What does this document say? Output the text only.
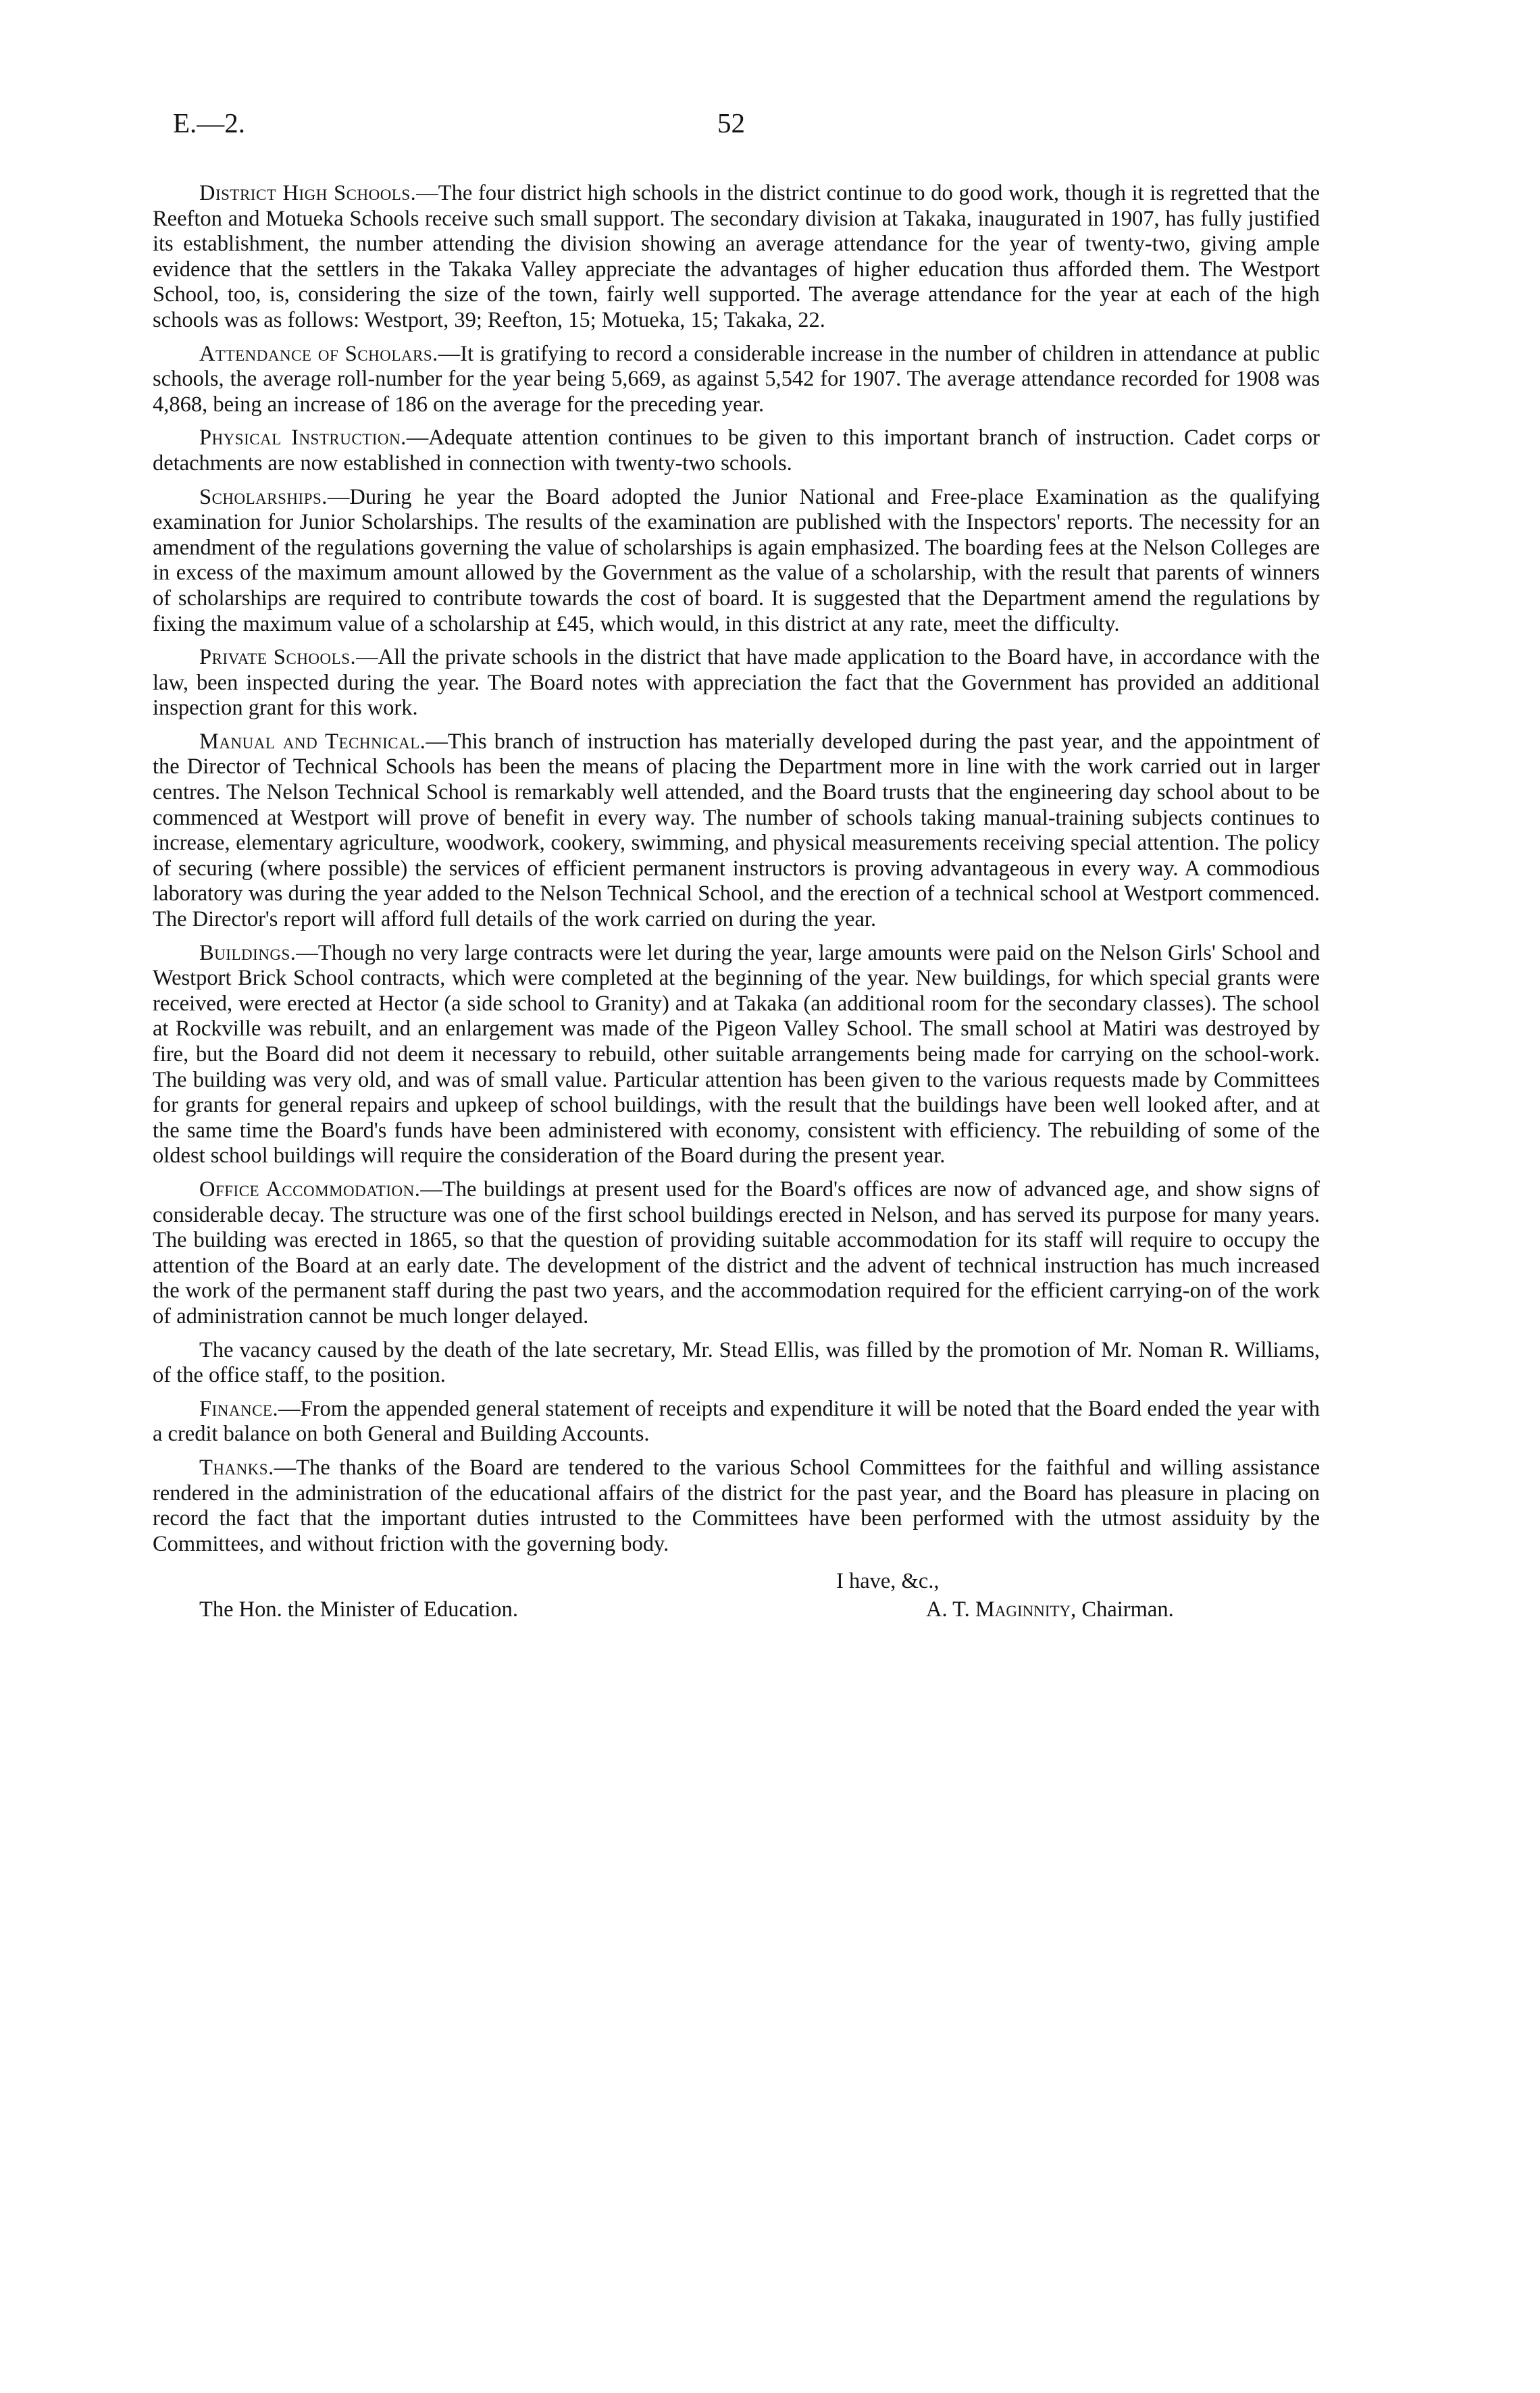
E.—2.	52

District High Schools.—The four district high schools in the district continue to do good work, though it is regretted that the Reefton and Motueka Schools receive such small support. The secondary division at Takaka, inaugurated in 1907, has fully justified its establishment, the number attending the division showing an average attendance for the year of twenty-two, giving ample evidence that the settlers in the Takaka Valley appreciate the advantages of higher education thus afforded them. The Westport School, too, is, considering the size of the town, fairly well supported. The average attendance for the year at each of the high schools was as follows: Westport, 39; Reefton, 15; Motueka, 15; Takaka, 22.

Attendance of Scholars.—It is gratifying to record a considerable increase in the number of children in attendance at public schools, the average roll-number for the year being 5,669, as against 5,542 for 1907. The average attendance recorded for 1908 was 4,868, being an increase of 186 on the average for the preceding year.

Physical Instruction.—Adequate attention continues to be given to this important branch of instruction. Cadet corps or detachments are now established in connection with twenty-two schools.

Scholarships.—During he year the Board adopted the Junior National and Free-place Examination as the qualifying examination for Junior Scholarships. The results of the examination are published with the Inspectors' reports. The necessity for an amendment of the regulations governing the value of scholarships is again emphasized. The boarding fees at the Nelson Colleges are in excess of the maximum amount allowed by the Government as the value of a scholarship, with the result that parents of winners of scholarships are required to contribute towards the cost of board. It is suggested that the Department amend the regulations by fixing the maximum value of a scholarship at £45, which would, in this district at any rate, meet the difficulty.

Private Schools.—All the private schools in the district that have made application to the Board have, in accordance with the law, been inspected during the year. The Board notes with appreciation the fact that the Government has provided an additional inspection grant for this work.

Manual and Technical.—This branch of instruction has materially developed during the past year, and the appointment of the Director of Technical Schools has been the means of placing the Department more in line with the work carried out in larger centres. The Nelson Technical School is remarkably well attended, and the Board trusts that the engineering day school about to be commenced at Westport will prove of benefit in every way. The number of schools taking manual-training subjects continues to increase, elementary agriculture, woodwork, cookery, swimming, and physical measurements receiving special attention. The policy of securing (where possible) the services of efficient permanent instructors is proving advantageous in every way. A commodious laboratory was during the year added to the Nelson Technical School, and the erection of a technical school at Westport commenced. The Director's report will afford full details of the work carried on during the year.

Buildings.—Though no very large contracts were let during the year, large amounts were paid on the Nelson Girls' School and Westport Brick School contracts, which were completed at the beginning of the year. New buildings, for which special grants were received, were erected at Hector (a side school to Granity) and at Takaka (an additional room for the secondary classes). The school at Rockville was rebuilt, and an enlargement was made of the Pigeon Valley School. The small school at Matiri was destroyed by fire, but the Board did not deem it necessary to rebuild, other suitable arrangements being made for carrying on the school-work. The building was very old, and was of small value. Particular attention has been given to the various requests made by Committees for grants for general repairs and upkeep of school buildings, with the result that the buildings have been well looked after, and at the same time the Board's funds have been administered with economy, consistent with efficiency. The rebuilding of some of the oldest school buildings will require the consideration of the Board during the present year.

Office Accommodation.—The buildings at present used for the Board's offices are now of advanced age, and show signs of considerable decay. The structure was one of the first school buildings erected in Nelson, and has served its purpose for many years. The building was erected in 1865, so that the question of providing suitable accommodation for its staff will require to occupy the attention of the Board at an early date. The development of the district and the advent of technical instruction has much increased the work of the permanent staff during the past two years, and the accommodation required for the efficient carrying-on of the work of administration cannot be much longer delayed.

The vacancy caused by the death of the late secretary, Mr. Stead Ellis, was filled by the promotion of Mr. Noman R. Williams, of the office staff, to the position.

Finance.—From the appended general statement of receipts and expenditure it will be noted that the Board ended the year with a credit balance on both General and Building Accounts.

Thanks.—The thanks of the Board are tendered to the various School Committees for the faithful and willing assistance rendered in the administration of the educational affairs of the district for the past year, and the Board has pleasure in placing on record the fact that the important duties intrusted to the Committees have been performed with the utmost assiduity by the Committees, and without friction with the governing body.

I have, &c.,
The Hon. the Minister of Education.	A. T. Maginnity, Chairman.
